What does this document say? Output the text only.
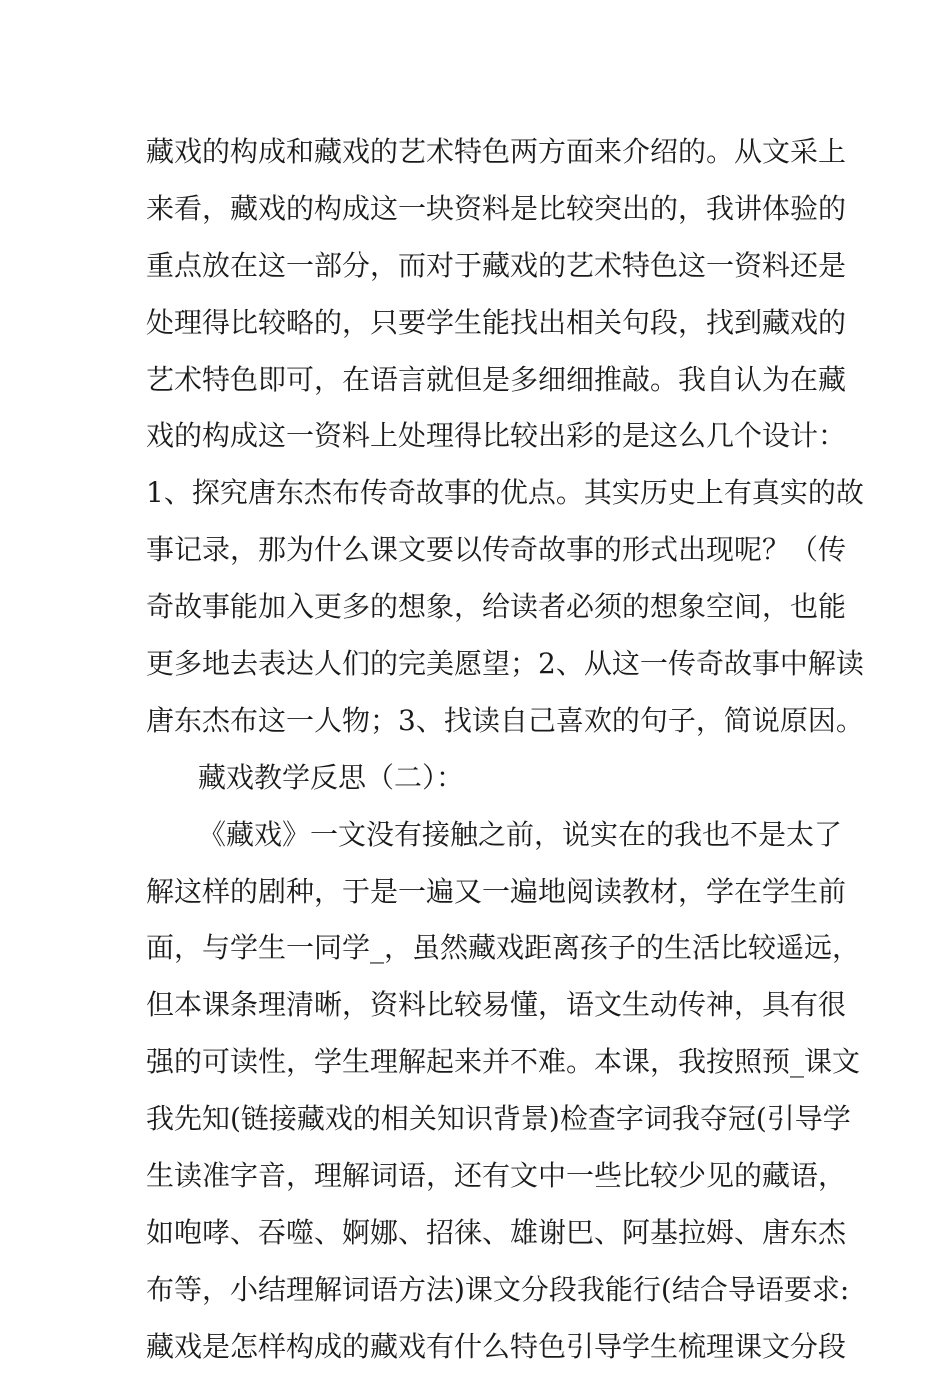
藏戏的构成和藏戏的艺术特色两方面来介绍的。从文采上
来看，藏戏的构成这一块资料是比较突出的，我讲体验的
重点放在这一部分，而对于藏戏的艺术特色这一资料还是
处理得比较略的，只要学生能找出相关句段，找到藏戏的
艺术特色即可，在语言就但是多细细推敲。我自认为在藏
戏的构成这一资料上处理得比较出彩的是这么几个设计：
1、探究唐东杰布传奇故事的优点。其实历史上有真实的故
事记录，那为什么课文要以传奇故事的形式出现呢？（传
奇故事能加入更多的想象，给读者必须的想象空间，也能
更多地去表达人们的完美愿望；2、从这一传奇故事中解读
唐东杰布这一人物；3、找读自己喜欢的句子，简说原因。
藏戏教学反思（二）：
《藏戏》一文没有接触之前，说实在的我也不是太了
解这样的剧种，于是一遍又一遍地阅读教材，学在学生前
面，与学生一同学_，虽然藏戏距离孩子的生活比较遥远，
但本课条理清晰，资料比较易懂，语文生动传神，具有很
强的可读性，学生理解起来并不难。本课，我按照预_课文
我先知(链接藏戏的相关知识背景)检查字词我夺冠(引导学
生读准字音，理解词语，还有文中一些比较少见的藏语，
如咆哮、吞噬、婀娜、招徕、雄谢巴、阿基拉姆、唐东杰
布等，小结理解词语方法)课文分段我能行(结合导语要求:
藏戏是怎样构成的藏戏有什么特色引导学生梳理课文分段
